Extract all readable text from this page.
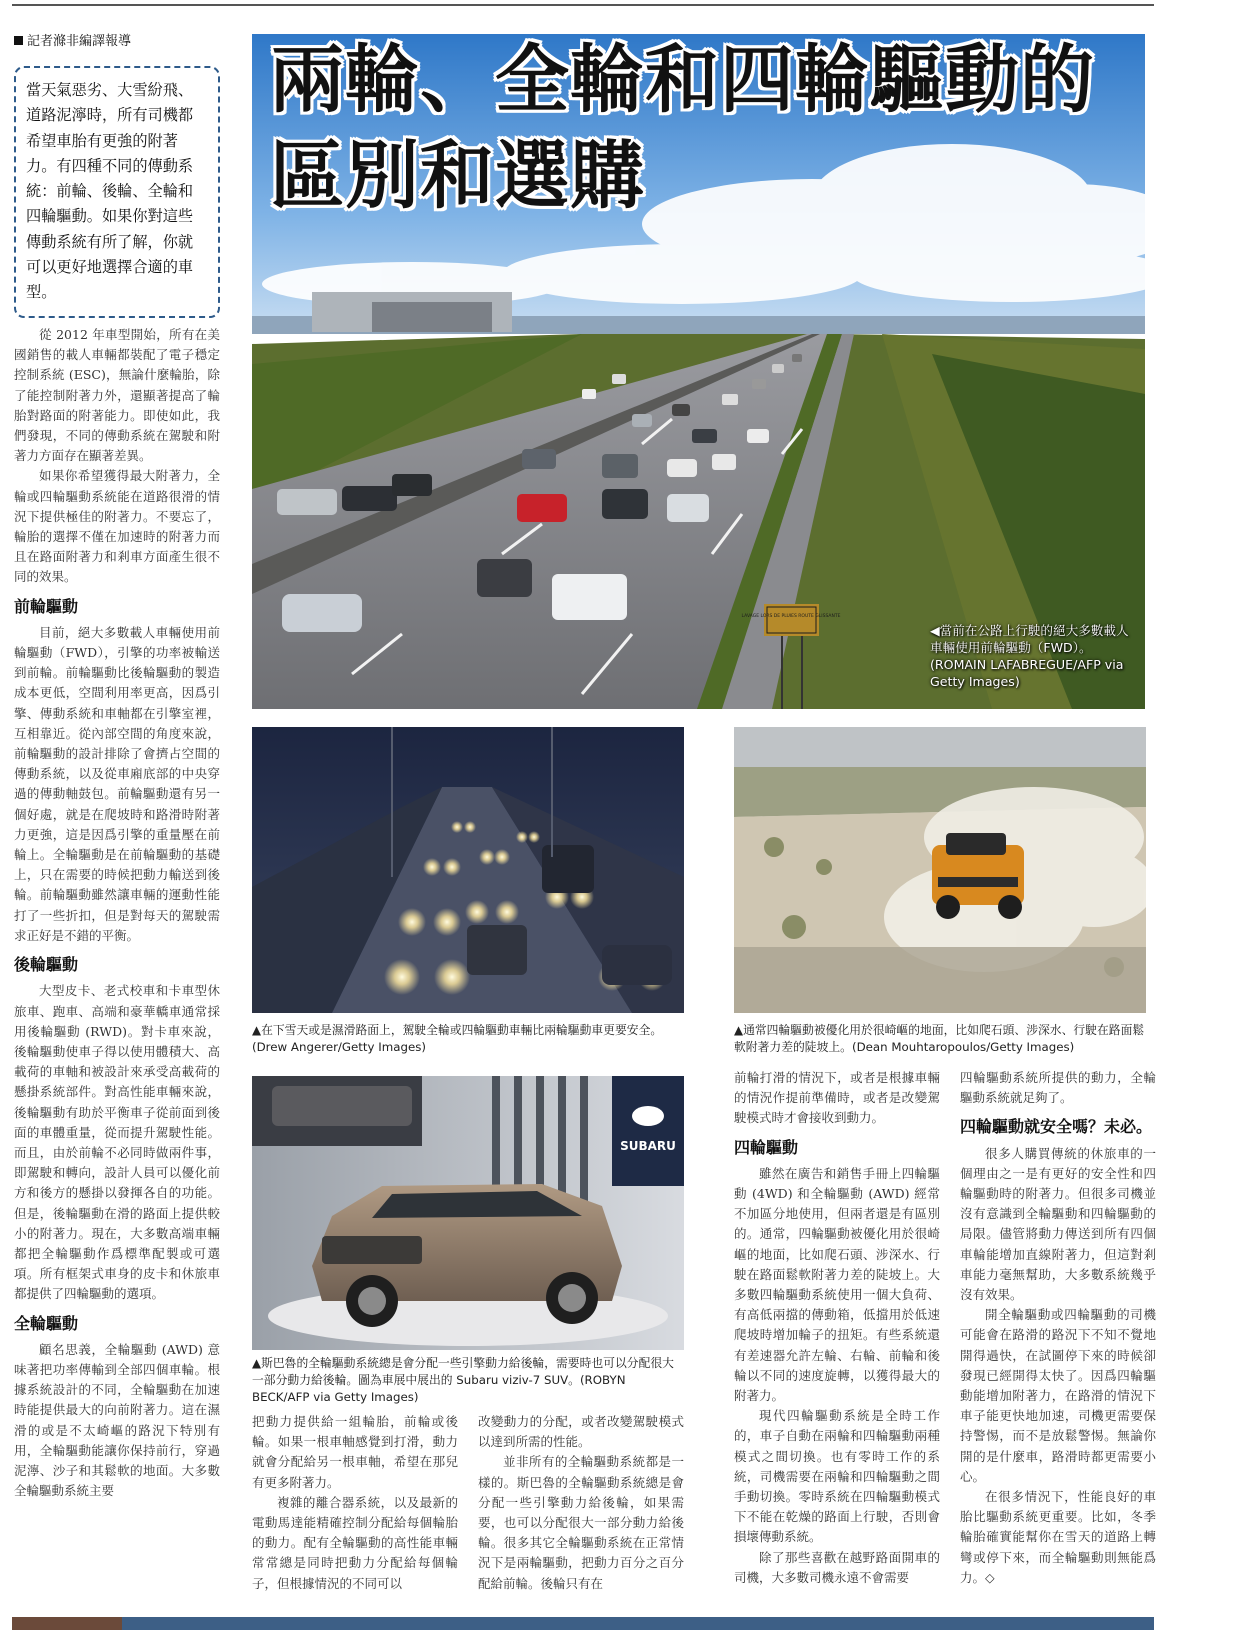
記者滌非編譯報導
當天氣惡劣、大雪紛飛、道路泥濘時，所有司機都希望車胎有更強的附著力。有四種不同的傳動系統：前輪、後輪、全輪和四輪驅動。如果你對這些傳動系統有所了解，你就可以更好地選擇合適的車型。

從 2012 年車型開始，所有在美國銷售的載人車輛都裝配了電子穩定控制系統 (ESC)，無論什麼輪胎，除了能控制附著力外，還顯著提高了輪胎對路面的附著能力。即使如此，我們發現，不同的傳動系統在駕駛和附著力方面存在顯著差異。

如果你希望獲得最大附著力，全輪或四輪驅動系統能在道路很滑的情況下提供極佳的附著力。不要忘了，輪胎的選擇不僅在加速時的附著力而且在路面附著力和剎車方面產生很不同的效果。

前輪驅動

目前，絕大多數載人車輛使用前輪驅動（FWD），引擎的功率被輸送到前輪。前輪驅動比後輪驅動的製造成本更低，空間利用率更高，因爲引擎、傳動系統和車軸都在引擎室裡，互相靠近。從內部空間的角度來說，前輪驅動的設計排除了會擠占空間的傳動系統，以及從車廂底部的中央穿過的傳動軸鼓包。前輪驅動還有另一個好處，就是在爬坡時和路滑時附著力更強，這是因爲引擎的重量壓在前輪上。全輪驅動是在前輪驅動的基礎上，只在需要的時候把動力輸送到後輪。前輪驅動雖然讓車輛的運動性能打了一些折扣，但是對每天的駕駛需求正好是不錯的平衡。

後輪驅動

大型皮卡、老式校車和卡車型休旅車、跑車、高端和豪華轎車通常採用後輪驅動 (RWD)。對卡車來說，後輪驅動使車子得以使用體積大、高載荷的車軸和被設計來承受高載荷的懸掛系統部件。對高性能車輛來說，後輪驅動有助於平衡車子從前面到後面的車體重量，從而提升駕駛性能。而且，由於前輪不必同時做兩件事，即駕駛和轉向，設計人員可以優化前方和後方的懸掛以發揮各自的功能。但是，後輪驅動在滑的路面上提供較小的附著力。現在，大多數高端車輛都把全輪驅動作爲標準配製或可選項。所有框架式車身的皮卡和休旅車都提供了四輪驅動的選項。

全輪驅動

顧名思義，全輪驅動 (AWD) 意味著把功率傳輸到全部四個車輪。根據系統設計的不同，全輪驅動在加速時能提供最大的向前附著力。這在濕滑的或是不太崎嶇的路況下特別有用，全輪驅動能讓你保持前行，穿過泥濘、沙子和其鬆軟的地面。大多數全輪驅動系統主要

LAVAGE LORS DE PLUIES ROUTE GLISSANTE
兩輪、全輪和四輪驅動的
區別和選購
◀當前在公路上行駛的絕大多數載人車輛使用前輪驅動（FWD）。(ROMAIN LAFABREGUE/AFP via Getty Images)
▲在下雪天或是濕滑路面上，駕駛全輪或四輪驅動車輛比兩輪驅動車更要安全。(Drew Angerer/Getty Images)
▲通常四輪驅動被優化用於很崎嶇的地面，比如爬石頭、涉深水、行駛在路面鬆軟附著力差的陡坡上。(Dean Mouhtaropoulos/Getty Images)
SUBARU
▲斯巴魯的全輪驅動系統總是會分配一些引擎動力給後輪，需要時也可以分配很大一部分動力給後輪。圖為車展中展出的 Subaru viziv-7 SUV。(ROBYN BECK/AFP via Getty Images)

把動力提供給一組輪胎，前輪或後輪。如果一根車軸感覺到打滑，動力就會分配給另一根車軸，希望在那兒有更多附著力。

複雜的離合器系統，以及最新的電動馬達能精確控制分配給每個輪胎的動力。配有全輪驅動的高性能車輛常常總是同時把動力分配給每個輪子，但根據情況的不同可以

改變動力的分配，或者改變駕駛模式以達到所需的性能。

並非所有的全輪驅動系統都是一樣的。斯巴魯的全輪驅動系統總是會分配一些引擎動力給後輪，如果需要，也可以分配很大一部分動力給後輪。很多其它全輪驅動系統在正常情況下是兩輪驅動，把動力百分之百分配給前輪。後輪只有在

前輪打滑的情況下，或者是根據車輛的情況作提前準備時，或者是改變駕駛模式時才會接收到動力。

四輪驅動

雖然在廣告和銷售手冊上四輪驅動 (4WD) 和全輪驅動 (AWD) 經常不加區分地使用，但兩者還是有區別的。通常，四輪驅動被優化用於很崎嶇的地面，比如爬石頭、涉深水、行駛在路面鬆軟附著力差的陡坡上。大多數四輪驅動系統使用一個大負荷、有高低兩擋的傳動箱，低擋用於低速爬坡時增加輪子的扭矩。有些系統還有差速器允許左輪、右輪、前輪和後輪以不同的速度旋轉，以獲得最大的附著力。

現代四輪驅動系統是全時工作的，車子自動在兩輪和四輪驅動兩種模式之間切換。也有零時工作的系統，司機需要在兩輪和四輪驅動之間手動切換。零時系統在四輪驅動模式下不能在乾燥的路面上行駛，否則會損壞傳動系統。

除了那些喜歡在越野路面開車的司機，大多數司機永遠不會需要

四輪驅動系統所提供的動力，全輪驅動系統就足夠了。

四輪驅動就安全嗎？未必。

很多人購買傳統的休旅車的一個理由之一是有更好的安全性和四輪驅動時的附著力。但很多司機並沒有意識到全輪驅動和四輪驅動的局限。儘管將動力傳送到所有四個車輪能增加直線附著力，但這對剎車能力毫無幫助，大多數系統幾乎沒有效果。

開全輪驅動或四輪驅動的司機可能會在路滑的路況下不知不覺地開得過快，在試圖停下來的時候卻發現已經開得太快了。因爲四輪驅動能增加附著力，在路滑的情況下車子能更快地加速，司機更需要保持警惕，而不是放鬆警惕。無論你開的是什麼車，路滑時都更需要小心。

在很多情況下，性能良好的車胎比驅動系統更重要。比如，冬季輪胎確實能幫你在雪天的道路上轉彎或停下來，而全輪驅動則無能爲力。◇
